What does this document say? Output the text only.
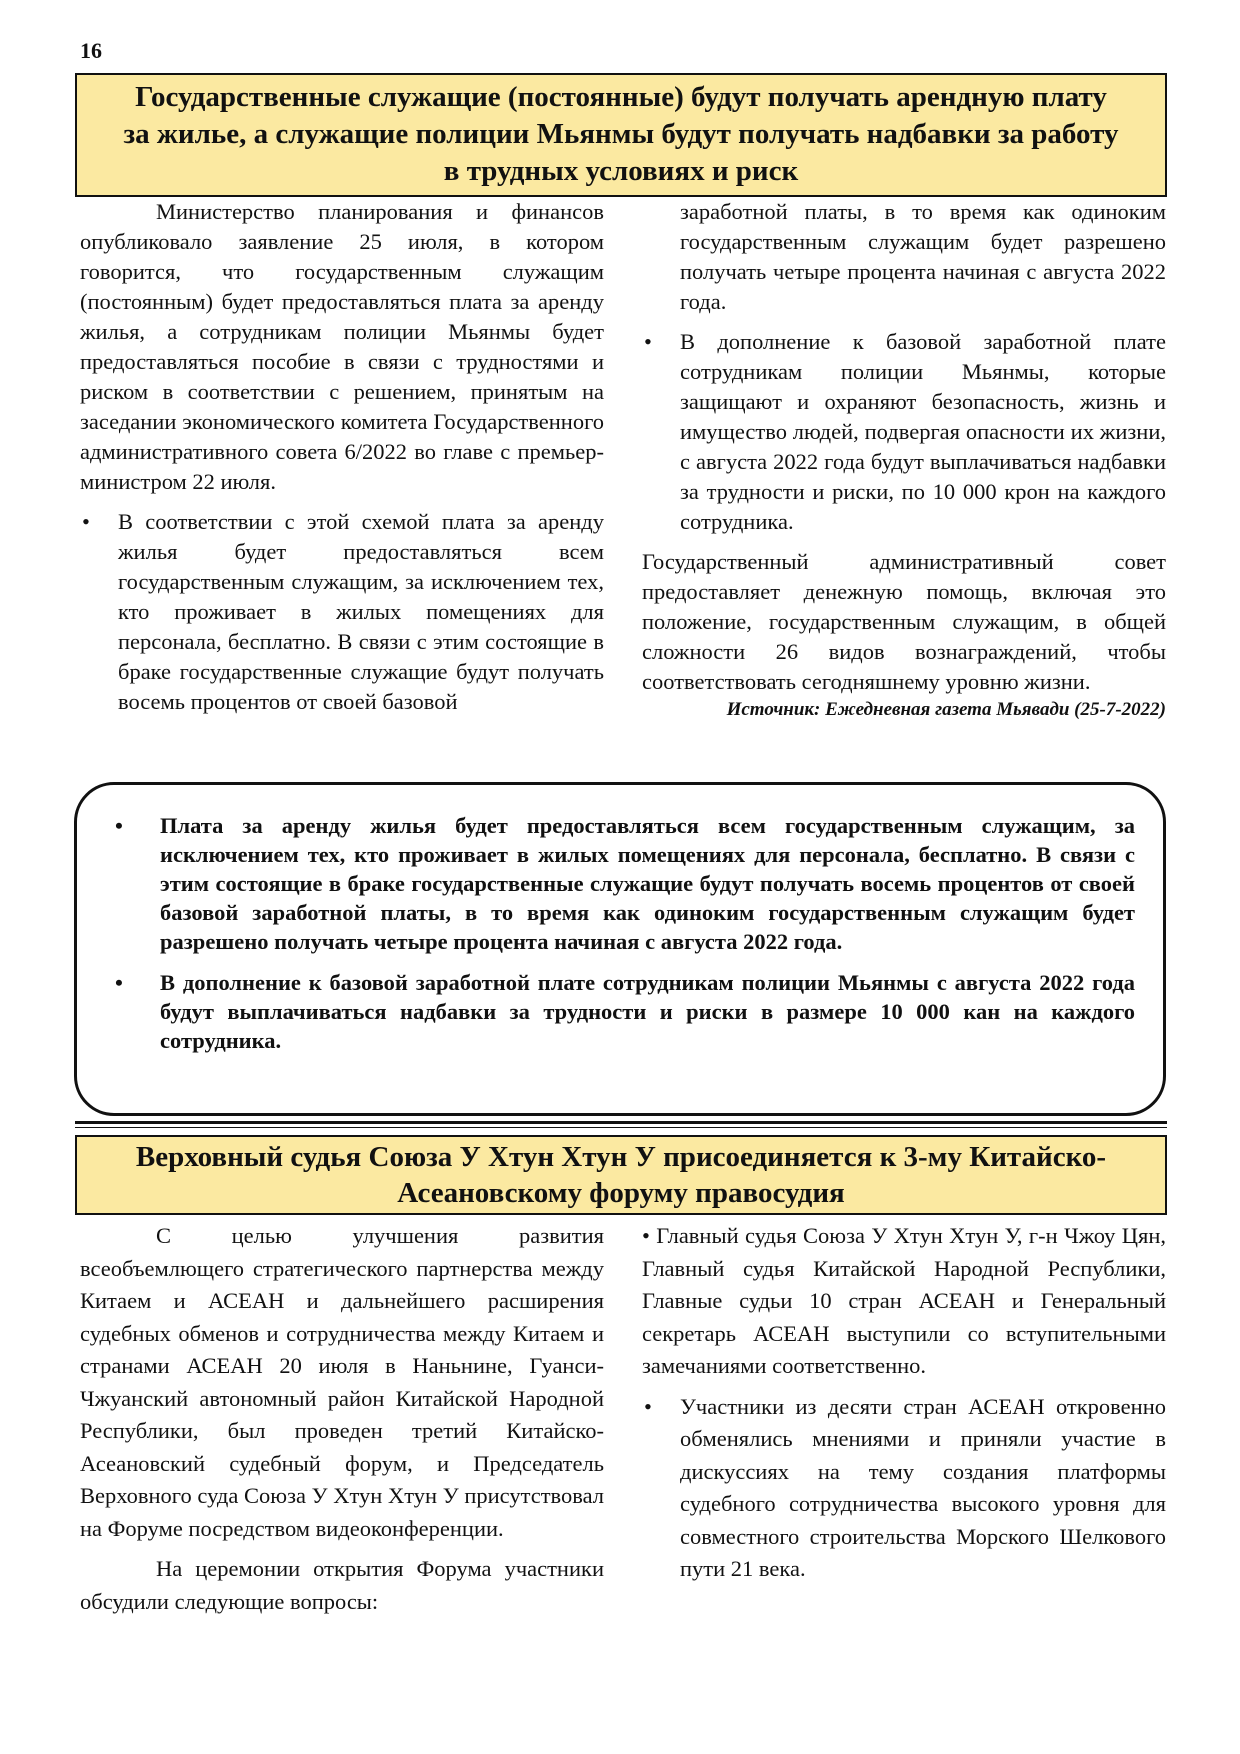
16
Государственные служащие (постоянные) будут получать арендную плату
за жилье, а служащие полиции Мьянмы будут получать надбавки за работу
в трудных условиях и риск

Министерство планирования и финансов опубликовало заявление 25 июля, в котором говорится, что государственным служащим (постоянным) будет предоставляться плата за аренду жилья, а сотрудникам полиции Мьянмы будет предоставляться пособие в связи с трудностями и риском в соответствии с решением, принятым на заседании экономического комитета Государственного административного совета 6/2022 во главе с премьер-министром 22 июля.

• В соответствии с этой схемой плата за аренду жилья будет предоставляться всем государственным служащим, за исключением тех, кто проживает в жилых помещениях для персонала, бесплатно. В связи с этим состоящие в браке государственные служащие будут получать восемь процентов от своей базовой

заработной платы, в то время как одиноким государственным служащим будет разрешено получать четыре процента начиная с августа 2022 года.

• В дополнение к базовой заработной плате сотрудникам полиции Мьянмы, которые защищают и охраняют безопасность, жизнь и имущество людей, подвергая опасности их жизни, с августа 2022 года будут выплачиваться надбавки за трудности и риски, по 10 000 крон на каждого сотрудника.

Государственный административный совет предоставляет денежную помощь, включая это положение, государственным служащим, в общей сложности 26 видов вознаграждений, чтобы соответствовать сегодняшнему уровню жизни.

Источник: Ежедневная газета Мьявади (25-7-2022)

• Плата за аренду жилья будет предоставляться всем государственным служащим, за исключением тех, кто проживает в жилых помещениях для персонала, бесплатно. В связи с этим состоящие в браке государственные служащие будут получать восемь процентов от своей базовой заработной платы, в то время как одиноким государственным служащим будет разрешено получать четыре процента начиная с августа 2022 года.
• В дополнение к базовой заработной плате сотрудникам полиции Мьянмы с августа 2022 года будут выплачиваться надбавки за трудности и риски в размере 10 000 кан на каждого сотрудника.
Верховный судья Союза У Хтун Хтун У присоединяется к 3-му Китайско-
Асеановскому форуму правосудия

С целью улучшения развития всеобъемлющего стратегического партнерства между Китаем и АСЕАН и дальнейшего расширения судебных обменов и сотрудничества между Китаем и странами АСЕАН 20 июля в Наньнине, Гуанси-Чжуанский автономный район Китайской Народной Республики, был проведен третий Китайско-Асеановский судебный форум, и Председатель Верховного суда Союза У Хтун Хтун У присутствовал на Форуме посредством видеоконференции.

На церемонии открытия Форума участники обсудили следующие вопросы:

• Главный судья Союза У Хтун Хтун У, г-н Чжоу Цян, Главный судья Китайской Народной Республики, Главные судьи 10 стран АСЕАН и Генеральный секретарь АСЕАН выступили со вступительными замечаниями соответственно.

• Участники из десяти стран АСЕАН откровенно обменялись мнениями и приняли участие в дискуссиях на тему создания платформы судебного сотрудничества высокого уровня для совместного строительства Морского Шелкового пути 21 века.
